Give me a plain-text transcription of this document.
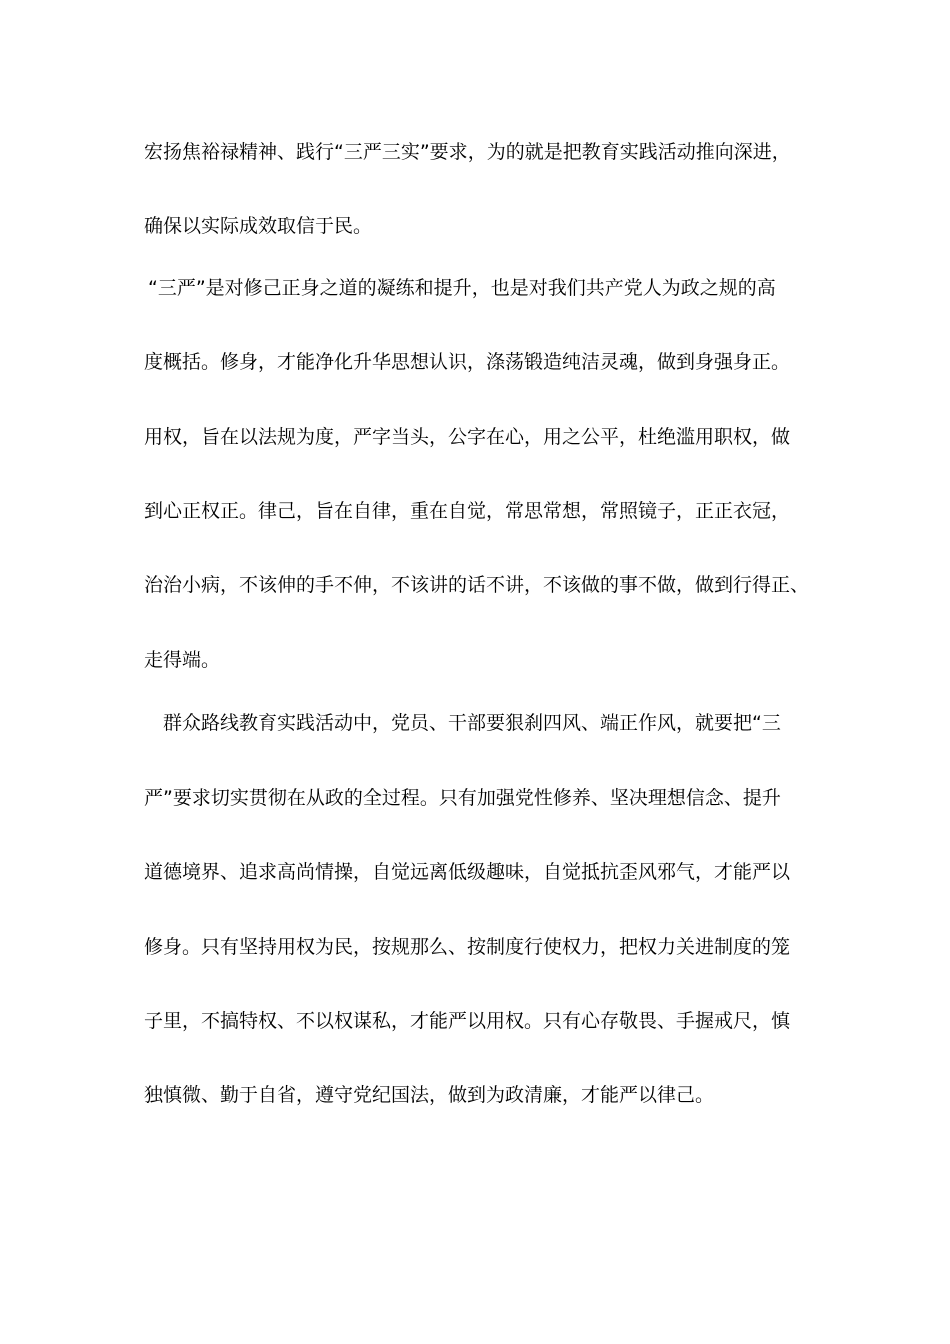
宏扬焦裕禄精神、践行“三严三实”要求，为的就是把教育实践活动推向深进，

确保以实际成效取信于民。

“三严”是对修己正身之道的凝练和提升，也是对我们共产党人为政之规的高

度概括。修身，才能净化升华思想认识，涤荡锻造纯洁灵魂，做到身强身正。

用权，旨在以法规为度，严字当头，公字在心，用之公平，杜绝滥用职权，做

到心正权正。律己，旨在自律，重在自觉，常思常想，常照镜子，正正衣冠，

治治小病，不该伸的手不伸，不该讲的话不讲，不该做的事不做，做到行得正、

走得端。

群众路线教育实践活动中，党员、干部要狠刹四风、端正作风，就要把“三

严”要求切实贯彻在从政的全过程。只有加强党性修养、坚决理想信念、提升

道德境界、追求高尚情操，自觉远离低级趣味，自觉抵抗歪风邪气，才能严以

修身。只有坚持用权为民，按规那么、按制度行使权力，把权力关进制度的笼

子里，不搞特权、不以权谋私，才能严以用权。只有心存敬畏、手握戒尺，慎

独慎微、勤于自省，遵守党纪国法，做到为政清廉，才能严以律己。
